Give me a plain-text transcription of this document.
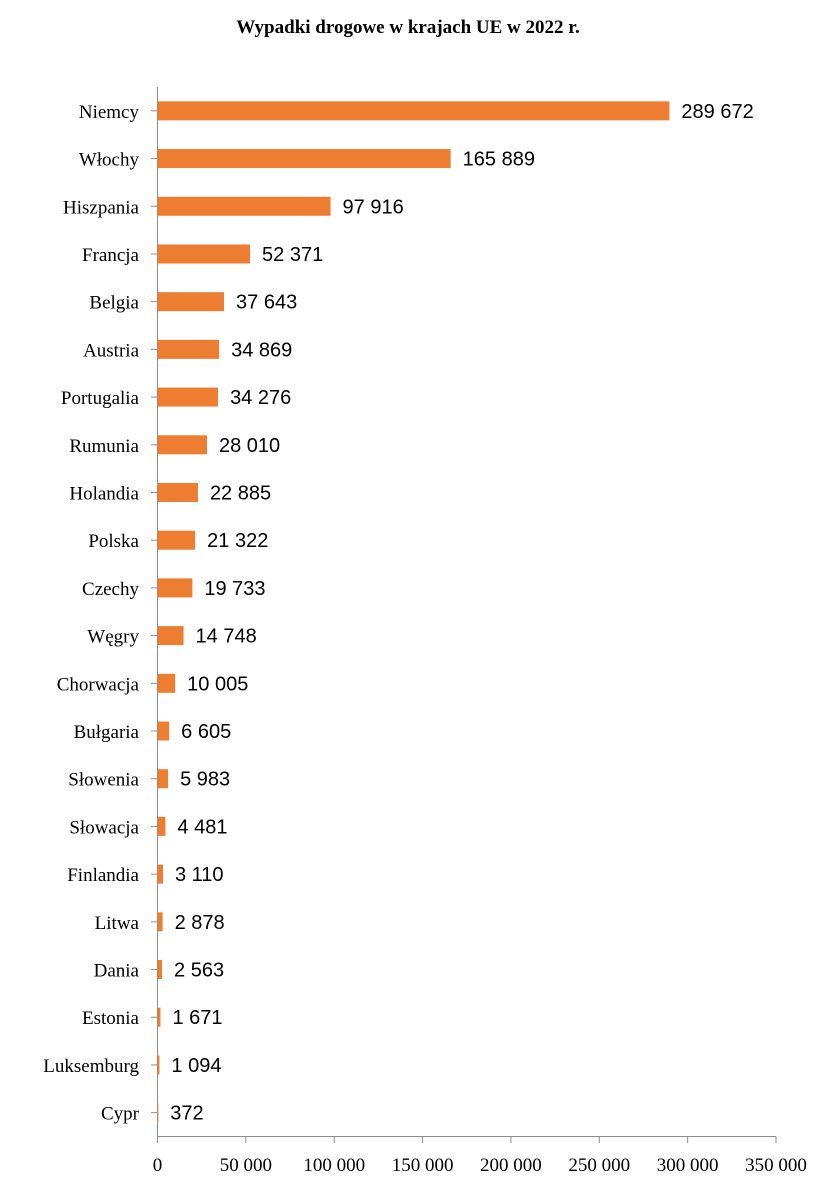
Wypadki drogowe w krajach UE w 2022 r.
0	50 000 100 000 150 000 200 000 250 000 300 000 350 000
Niemcy	289 672
Włochy	165 889
Hiszpania	97 916
Francja	52 371
Belgia	37 643
Austria	34 869
Portugalia	34 276
Rumunia	28 010
Holandia	22 885
Polska	21 322
Czechy	19 733
Węgry	14 748
Chorwacja 10 005
Bułgaria 6 605
Słowenia 5 983
Słowacja 4 481
Finlandia 3 110
Litwa 2 878
Dania 2 563
Estonia 1 671
Luksemburg 1 094
Cypr 372
